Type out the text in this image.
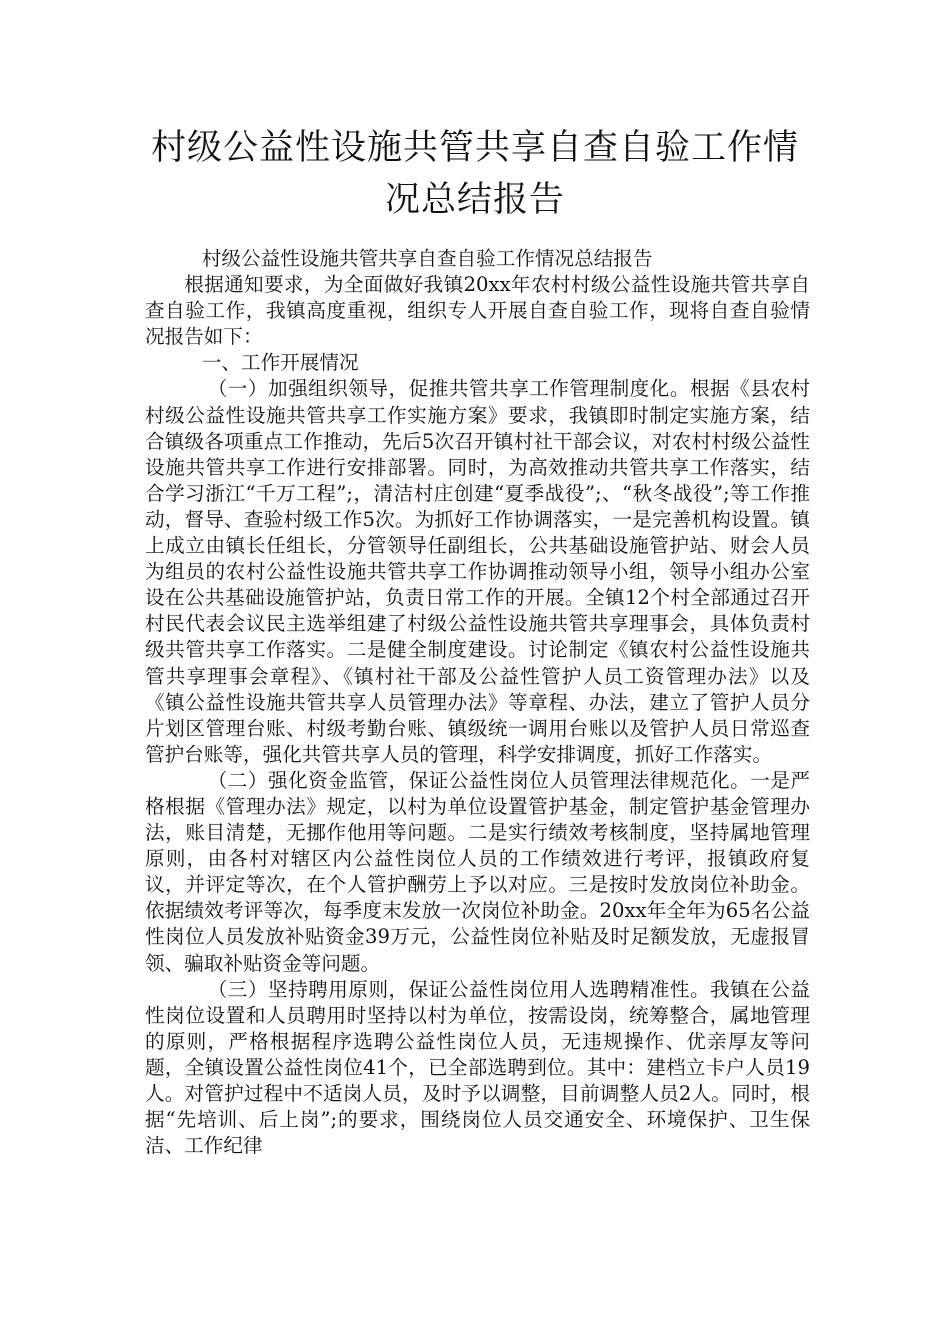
村级公益性设施共管共享自查自验工作情况总结报告

村级公益性设施共管共享自查自验工作情况总结报告

根据通知要求，为全面做好我镇20xx年农村村级公益性设施共管共享自查自验工作，我镇高度重视，组织专人开展自查自验工作，现将自查自验情况报告如下：

一、工作开展情况

（一）加强组织领导，促推共管共享工作管理制度化。根据《县农村村级公益性设施共管共享工作实施方案》要求，我镇即时制定实施方案，结合镇级各项重点工作推动，先后5次召开镇村社干部会议，对农村村级公益性设施共管共享工作进行安排部署。同时，为高效推动共管共享工作落实，结合学习浙江“千万工程”;，清洁村庄创建“夏季战役”;、“秋冬战役”;等工作推动，督导、查验村级工作5次。为抓好工作协调落实，一是完善机构设置。镇上成立由镇长任组长，分管领导任副组长，公共基础设施管护站、财会人员为组员的农村公益性设施共管共享工作协调推动领导小组，领导小组办公室设在公共基础设施管护站，负责日常工作的开展。全镇12个村全部通过召开村民代表会议民主选举组建了村级公益性设施共管共享理事会，具体负责村级共管共享工作落实。二是健全制度建设。讨论制定《镇农村公益性设施共管共享理事会章程》、《镇村社干部及公益性管护人员工资管理办法》以及《镇公益性设施共管共享人员管理办法》等章程、办法，建立了管护人员分片划区管理台账、村级考勤台账、镇级统一调用台账以及管护人员日常巡查管护台账等，强化共管共享人员的管理，科学安排调度，抓好工作落实。

（二）强化资金监管，保证公益性岗位人员管理法律规范化。一是严格根据《管理办法》规定，以村为单位设置管护基金，制定管护基金管理办法，账目清楚，无挪作他用等问题。二是实行绩效考核制度，坚持属地管理原则，由各村对辖区内公益性岗位人员的工作绩效进行考评，报镇政府复议，并评定等次，在个人管护酬劳上予以对应。三是按时发放岗位补助金。依据绩效考评等次，每季度末发放一次岗位补助金。20xx年全年为65名公益性岗位人员发放补贴资金39万元，公益性岗位补贴及时足额发放，无虚报冒领、骗取补贴资金等问题。

（三）坚持聘用原则，保证公益性岗位用人选聘精准性。我镇在公益性岗位设置和人员聘用时坚持以村为单位，按需设岗，统筹整合，属地管理的原则，严格根据程序选聘公益性岗位人员，无违规操作、优亲厚友等问题，全镇设置公益性岗位41个，已全部选聘到位。其中：建档立卡户人员19人。对管护过程中不适岗人员，及时予以调整，目前调整人员2人。同时，根据“先培训、后上岗”;的要求，围绕岗位人员交通安全、环境保护、卫生保洁、工作纪律
